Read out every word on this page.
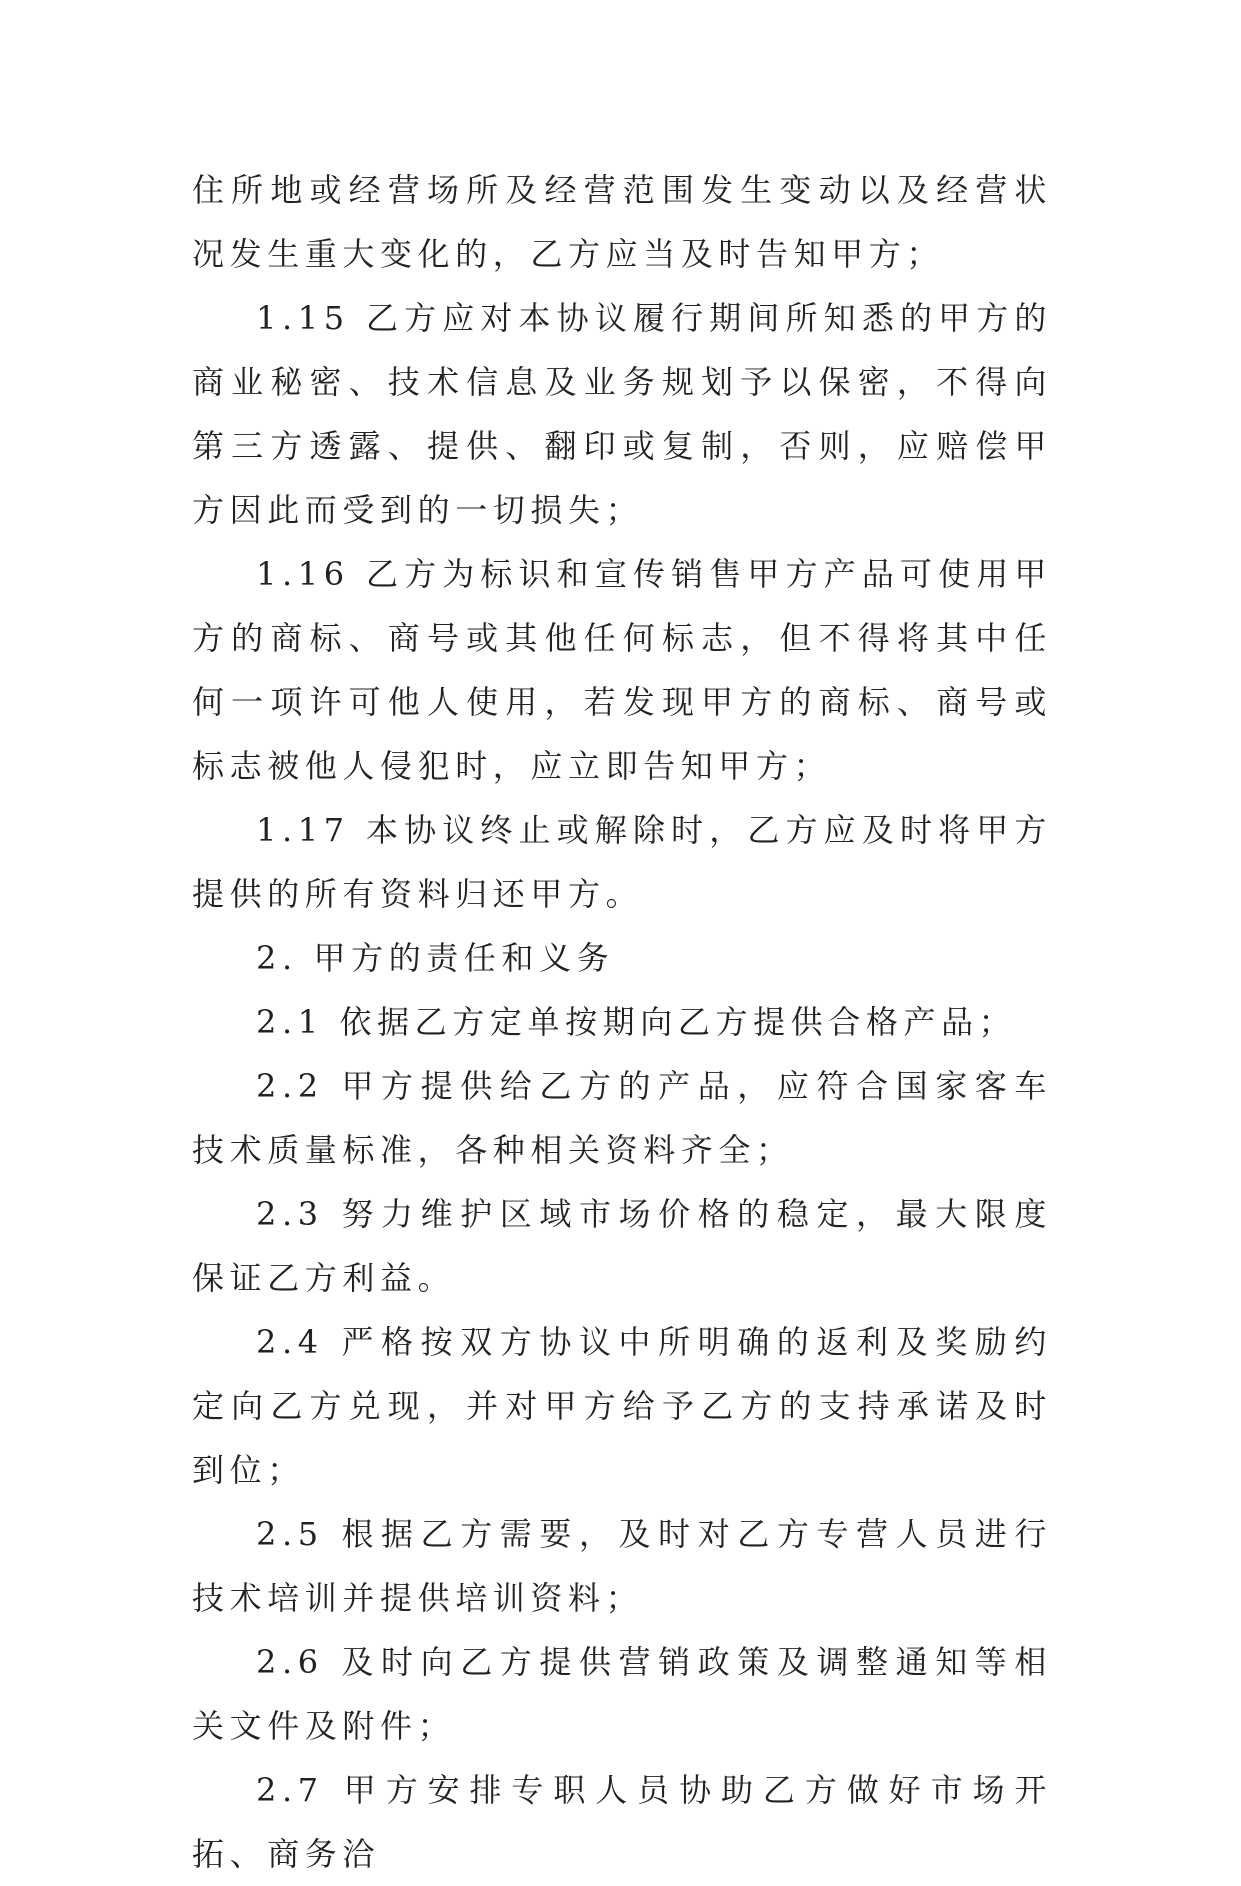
住所地或经营场所及经营范围发生变动以及经营状况发生重大变化的，乙方应当及时告知甲方；

1.15 乙方应对本协议履行期间所知悉的甲方的商业秘密、技术信息及业务规划予以保密，不得向第三方透露、提供、翻印或复制，否则，应赔偿甲方因此而受到的一切损失；

1.16 乙方为标识和宣传销售甲方产品可使用甲方的商标、商号或其他任何标志，但不得将其中任何一项许可他人使用，若发现甲方的商标、商号或标志被他人侵犯时，应立即告知甲方；

1.17 本协议终止或解除时，乙方应及时将甲方提供的所有资料归还甲方。

2. 甲方的责任和义务

2.1 依据乙方定单按期向乙方提供合格产品；

2.2 甲方提供给乙方的产品，应符合国家客车技术质量标准，各种相关资料齐全；

2.3 努力维护区域市场价格的稳定，最大限度保证乙方利益。

2.4 严格按双方协议中所明确的返利及奖励约定向乙方兑现，并对甲方给予乙方的支持承诺及时到位；

2.5 根据乙方需要，及时对乙方专营人员进行技术培训并提供培训资料；

2.6 及时向乙方提供营销政策及调整通知等相关文件及附件；

2.7 甲方安排专职人员协助乙方做好市场开拓、商务洽
